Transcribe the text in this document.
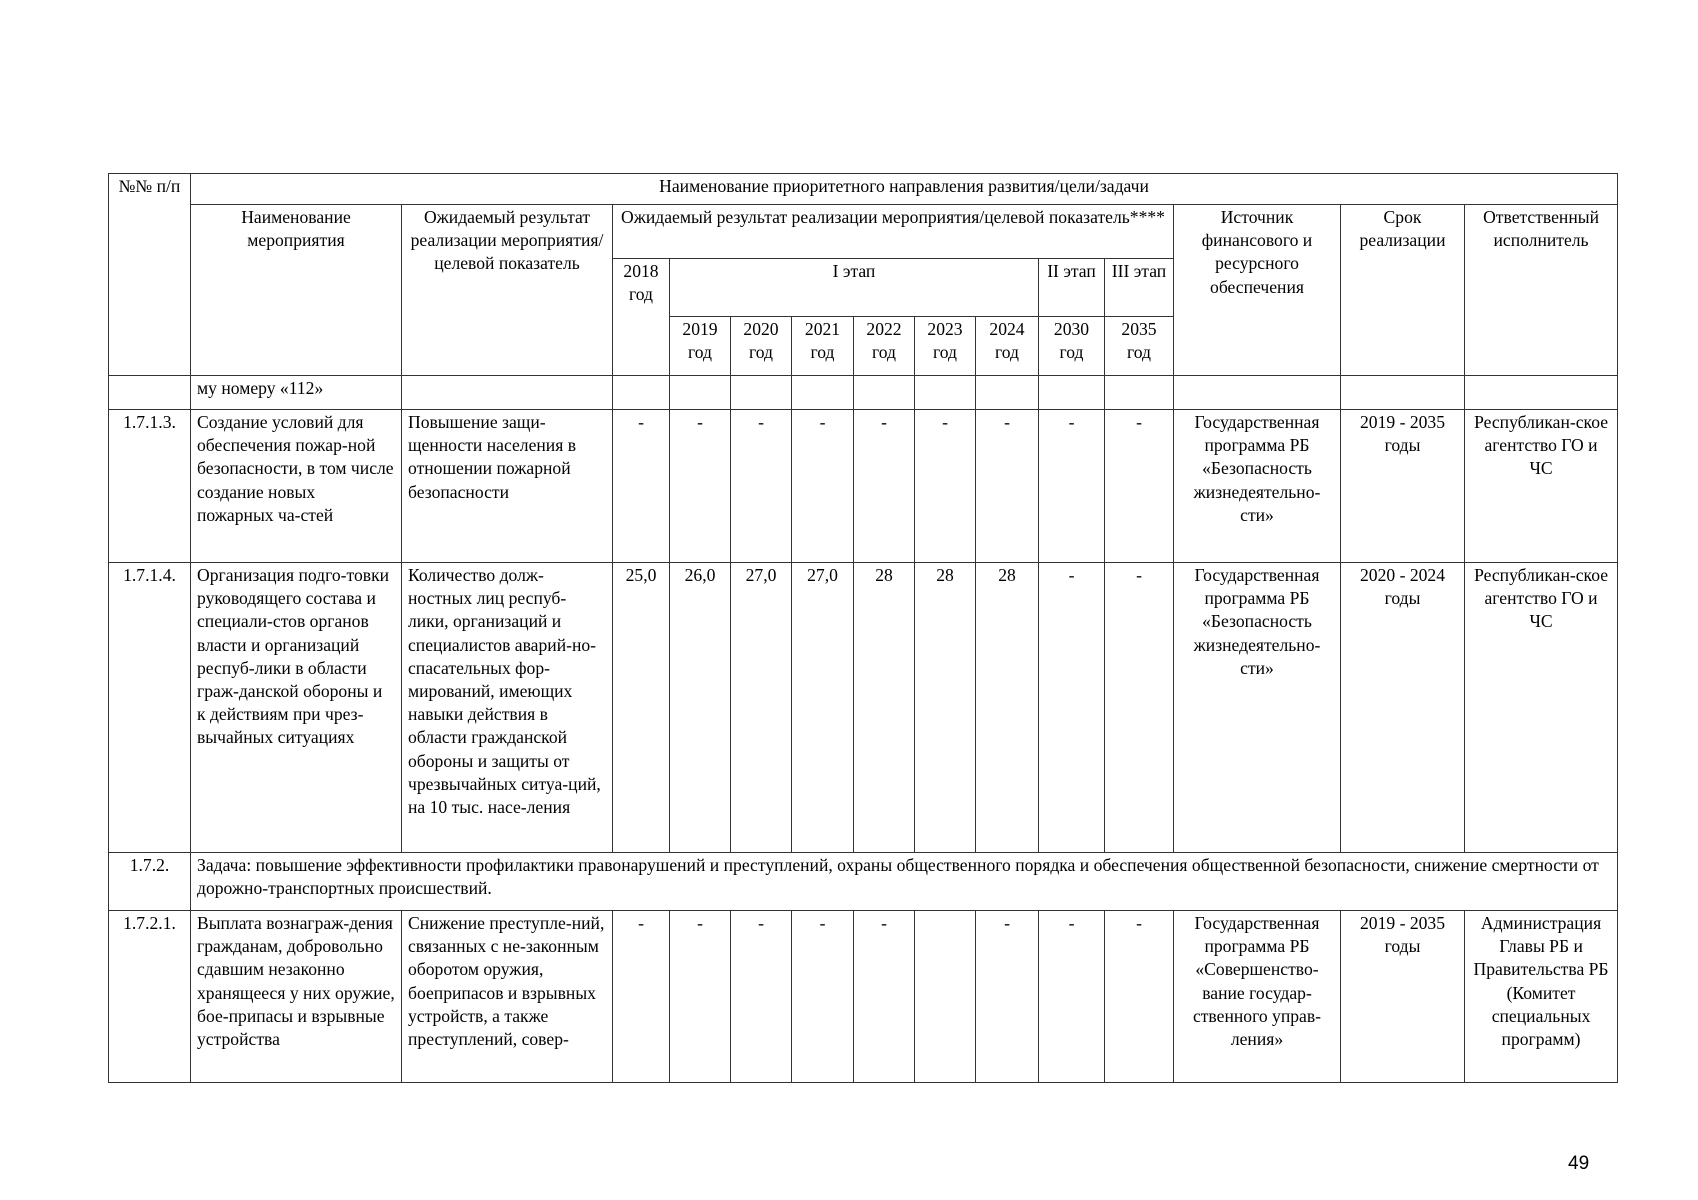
№№ п/п	Наименование приоритетного направления развития/цели/задачи													
	Наименование мероприятия	Ожидаемый результат реализации мероприятия/целевой показатель	Ожидаемый результат реализации мероприятия/целевой показатель****									Источник финансового и ресурсного обеспечения	Срок реализации	Ответственный исполнитель
			2018 год	I этап						II этап	III этап			
				2019 год	2020 год	2021 год	2022 год	2023 год	2024 год	2030 год	2035 год			
	му номеру «112»													
1.7.1.3.	Создание условий для обеспечения пожар-ной безопасности, в том числе создание новых пожарных ча-стей	Повышение защи-щенности населения в отношении пожарной безопасности	-	-	-	-	-	-	-	-	-	Государственная программа РБ «Безопасность жизнедеятельно-сти»	2019 - 2035 годы	Республикан-ское агентство ГО и ЧС
1.7.1.4.	Организация подго-товки руководящего состава и специали-стов органов власти и организаций респуб-лики в области граж-данской обороны и к действиям при чрез-вычайных ситуациях	Количество долж-ностных лиц респуб-лики, организаций и специалистов аварий-но-спасательных фор-мирований, имеющих навыки действия в области гражданской обороны и защиты от чрезвычайных ситуа-ций, на 10 тыс. насе-ления	25,0	26,0	27,0	27,0	28	28	28	-	-	Государственная программа РБ «Безопасность жизнедеятельно-сти»	2020 - 2024 годы	Республикан-ское агентство ГО и ЧС
1.7.2.	Задача: повышение эффективности профилактики правонарушений и преступлений, охраны общественного порядка и обеспечения общественной безопасности, снижение смертности от дорожно-транспортных происшествий.													
1.7.2.1.	Выплата вознаграж-дения гражданам, добровольно сдавшим незаконно хранящееся у них оружие, бое-припасы и взрывные устройства	Снижение преступле-ний, связанных с не-законным оборотом оружия, боеприпасов и взрывных устройств, а также преступлений, совер-	-	-	-	-	-		-	-	-	Государственная программа РБ «Совершенство-вание государ-ственного управ-ления»	2019 - 2035 годы	Администрация Главы РБ и Правительства РБ (Комитет специальных программ)
49
